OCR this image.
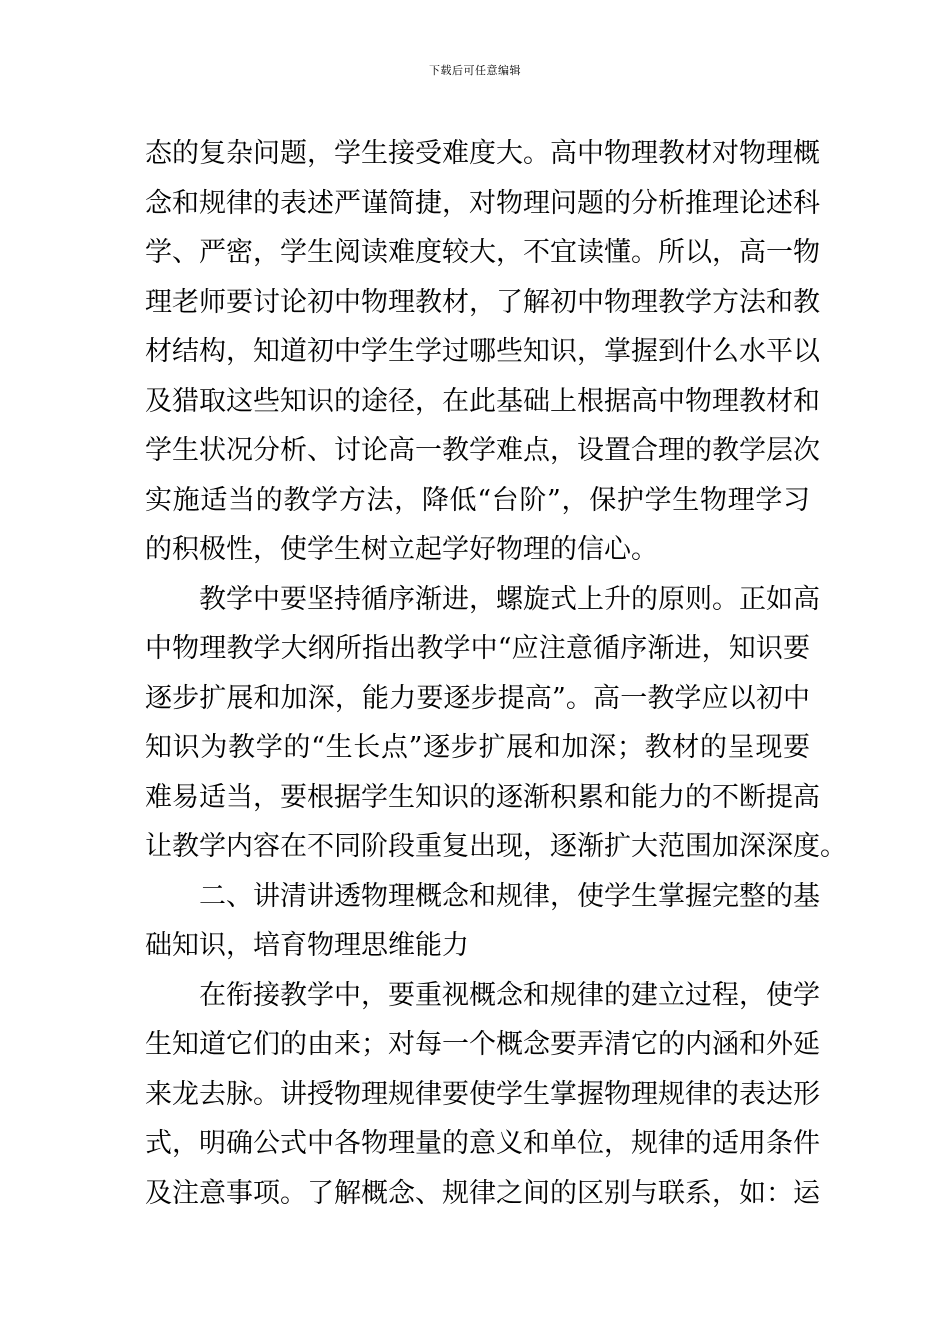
下载后可任意编辑
态的复杂问题，学生接受难度大。高中物理教材对物理概
念和规律的表述严谨简捷，对物理问题的分析推理论述科
学、严密，学生阅读难度较大，不宜读懂。所以，高一物
理老师要讨论初中物理教材，了解初中物理教学方法和教
材结构，知道初中学生学过哪些知识，掌握到什么水平以
及猎取这些知识的途径，在此基础上根据高中物理教材和
学生状况分析、讨论高一教学难点，设置合理的教学层次
实施适当的教学方法，降低“台阶”，保护学生物理学习
的积极性，使学生树立起学好物理的信心。
教学中要坚持循序渐进，螺旋式上升的原则。正如高
中物理教学大纲所指出教学中“应注意循序渐进，知识要
逐步扩展和加深，能力要逐步提高”。高一教学应以初中
知识为教学的“生长点”逐步扩展和加深；教材的呈现要
难易适当，要根据学生知识的逐渐积累和能力的不断提高
让教学内容在不同阶段重复出现，逐渐扩大范围加深深度。
二、讲清讲透物理概念和规律，使学生掌握完整的基
础知识，培育物理思维能力
在衔接教学中，要重视概念和规律的建立过程，使学
生知道它们的由来；对每一个概念要弄清它的内涵和外延
来龙去脉。讲授物理规律要使学生掌握物理规律的表达形
式，明确公式中各物理量的意义和单位，规律的适用条件
及注意事项。了解概念、规律之间的区别与联系，如：运
